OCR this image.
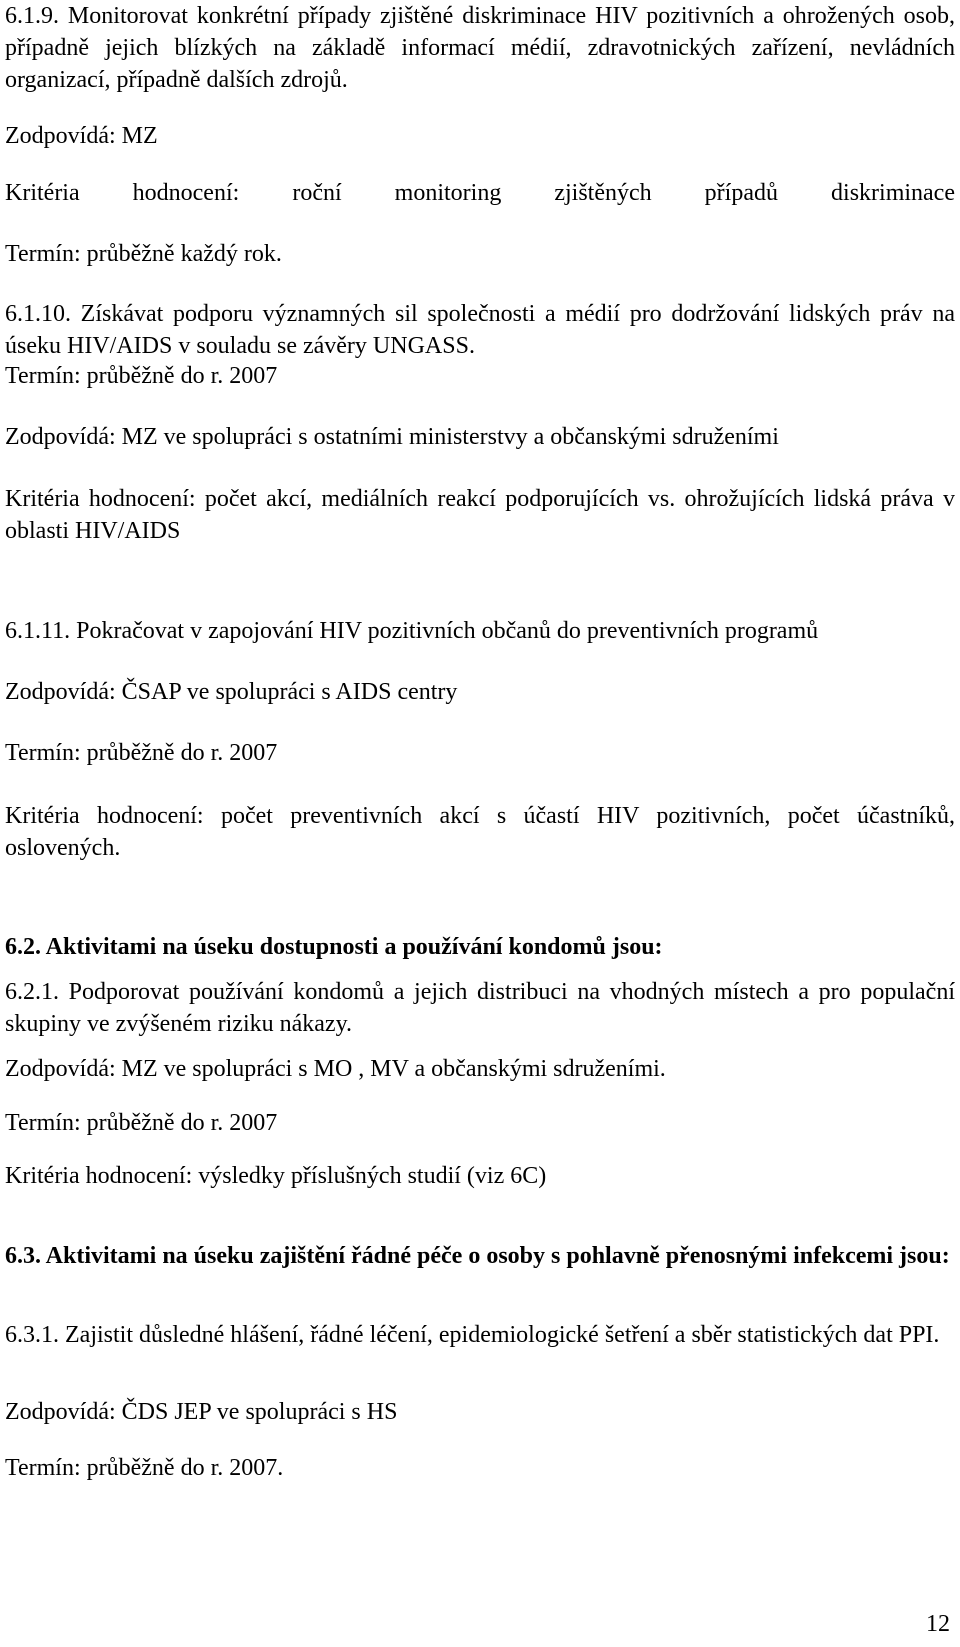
6.1.9. Monitorovat konkrétní případy zjištěné diskriminace HIV pozitivních a ohrožených osob, případně jejich blízkých na základě informací médií, zdravotnických zařízení, nevládních organizací, případně dalších zdrojů.

Zodpovídá: MZ

Kritéria hodnocení: roční monitoring zjištěných případů diskriminace

Termín: průběžně každý rok.

6.1.10. Získávat podporu významných sil společnosti a médií pro dodržování lidských práv na úseku HIV/AIDS v souladu se závěry UNGASS.

Termín: průběžně do r. 2007

Zodpovídá: MZ ve spolupráci s ostatními ministerstvy a občanskými sdruženími

Kritéria hodnocení: počet akcí, mediálních reakcí podporujících vs. ohrožujících lidská práva v oblasti HIV/AIDS

6.1.11. Pokračovat v zapojování HIV pozitivních občanů do preventivních programů

Zodpovídá: ČSAP ve spolupráci s AIDS centry

Termín: průběžně do r. 2007

Kritéria hodnocení: počet preventivních akcí s účastí HIV pozitivních, počet účastníků, oslovených.

6.2. Aktivitami na úseku dostupnosti a používání kondomů jsou:

6.2.1. Podporovat používání kondomů a jejich distribuci na vhodných místech a pro populační skupiny ve zvýšeném riziku nákazy.

Zodpovídá: MZ ve spolupráci s MO , MV a občanskými sdruženími.

Termín: průběžně do r. 2007

Kritéria hodnocení: výsledky příslušných studií (viz 6C)

6.3. Aktivitami na úseku zajištění řádné péče o osoby s pohlavně přenosnými infekcemi jsou:

6.3.1. Zajistit důsledné hlášení, řádné léčení, epidemiologické šetření a sběr statistických dat PPI.

Zodpovídá: ČDS JEP ve spolupráci s HS

Termín: průběžně do r. 2007.

12
